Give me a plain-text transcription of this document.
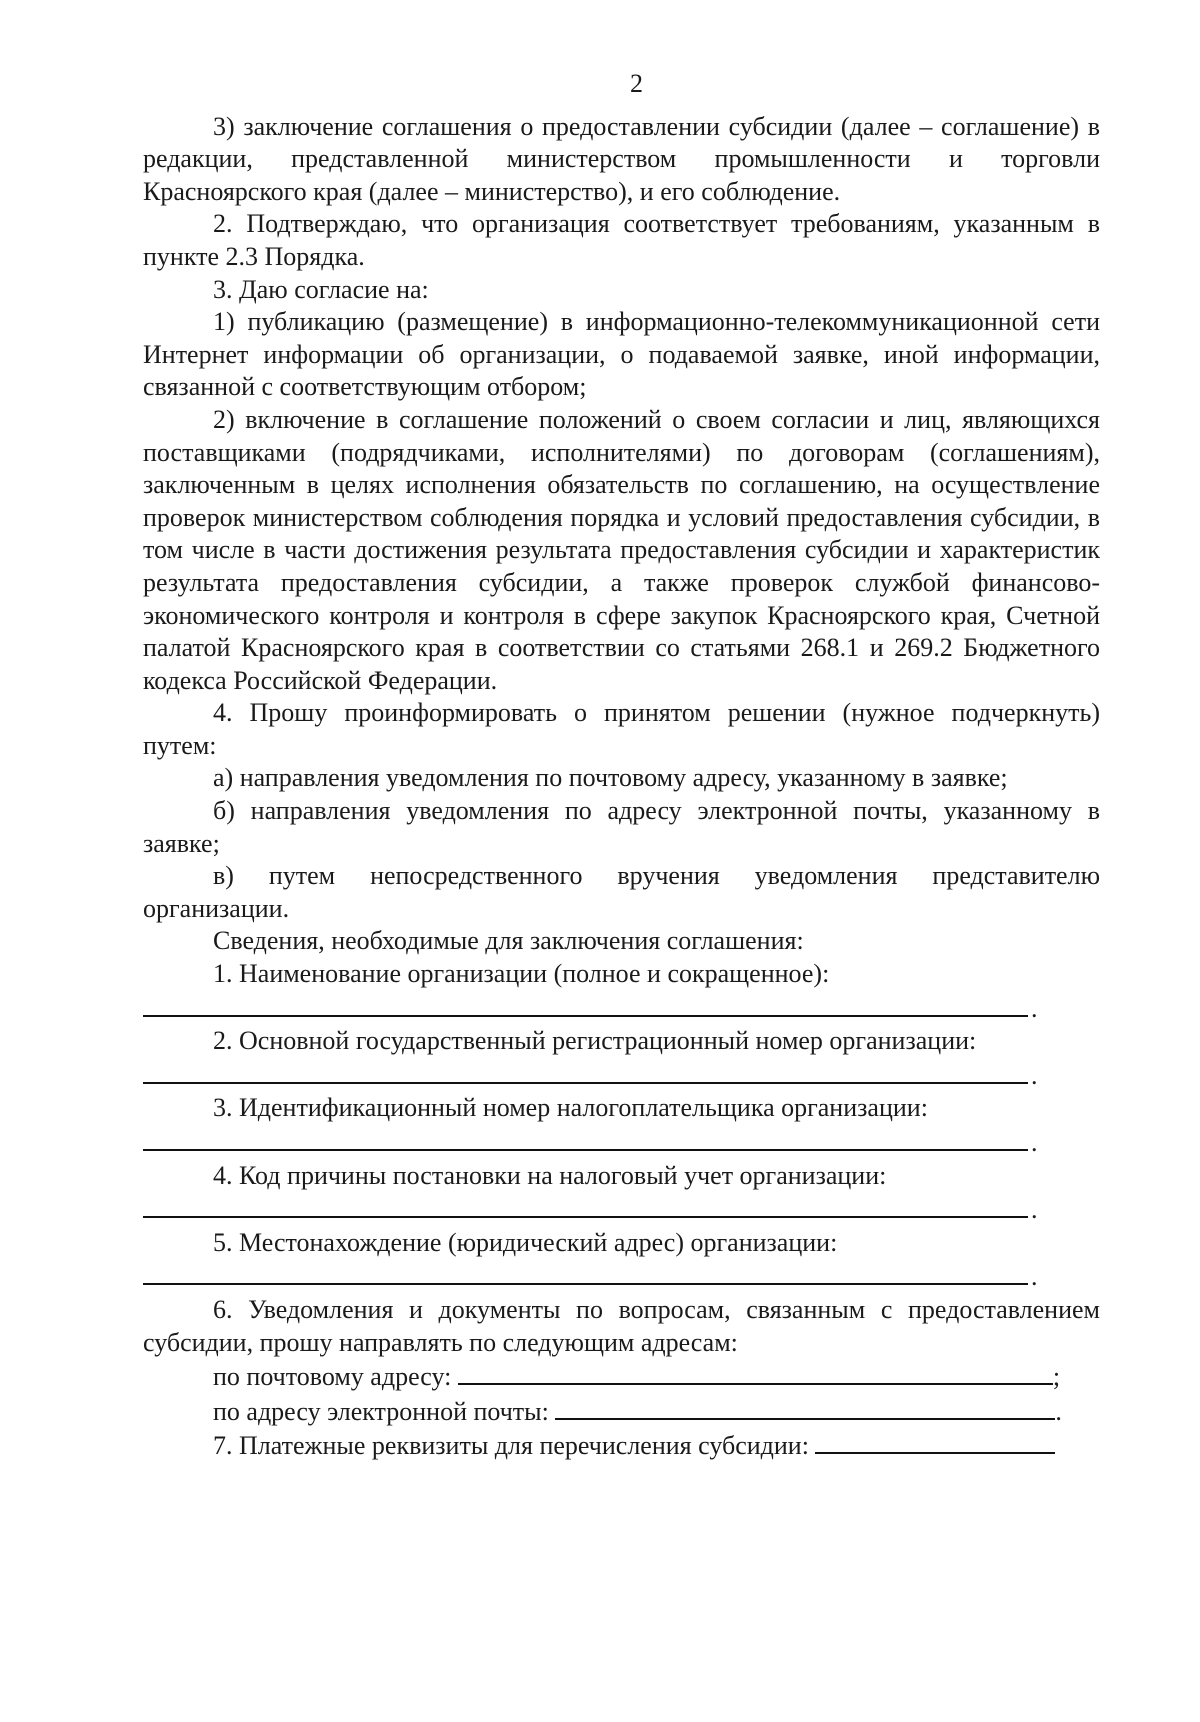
2

3) заключение соглашения о предоставлении субсидии (далее – соглашение) в редакции, представленной министерством промышленности и торговли Красноярского края (далее – министерство), и его соблюдение.

2. Подтверждаю, что организация соответствует требованиям, указанным в пункте 2.3 Порядка.

3. Даю согласие на:

1) публикацию (размещение) в информационно-телекоммуникационной сети Интернет информации об организации, о подаваемой заявке, иной информации, связанной с соответствующим отбором;

2) включение в соглашение положений о своем согласии и лиц, являющихся поставщиками (подрядчиками, исполнителями) по договорам (соглашениям), заключенным в целях исполнения обязательств по соглашению, на осуществление проверок министерством соблюдения порядка и условий предоставления субсидии, в том числе в части достижения результата предоставления субсидии и характеристик результата предоставления субсидии, а также проверок службой финансово-экономического контроля и контроля в сфере закупок Красноярского края, Счетной палатой Красноярского края в соответствии со статьями 268.1 и 269.2 Бюджетного кодекса Российской Федерации.

4. Прошу проинформировать о принятом решении (нужное подчеркнуть) путем:

а) направления уведомления по почтовому адресу, указанному в заявке;

б) направления уведомления по адресу электронной почты, указанному в заявке;

в) путем непосредственного вручения уведомления представителю организации.

Сведения, необходимые для заключения соглашения:

1. Наименование организации (полное и сокращенное):

.

2. Основной государственный регистрационный номер организации:

.

3. Идентификационный номер налогоплательщика организации:

.

4. Код причины постановки на налоговый учет организации:

.

5. Местонахождение (юридический адрес) организации:

.

6. Уведомления и документы по вопросам, связанным с предоставлением субсидии, прошу направлять по следующим адресам:

по почтовому адресу:	;
по адресу электронной почты:	.
7. Платежные реквизиты для перечисления субсидии:
